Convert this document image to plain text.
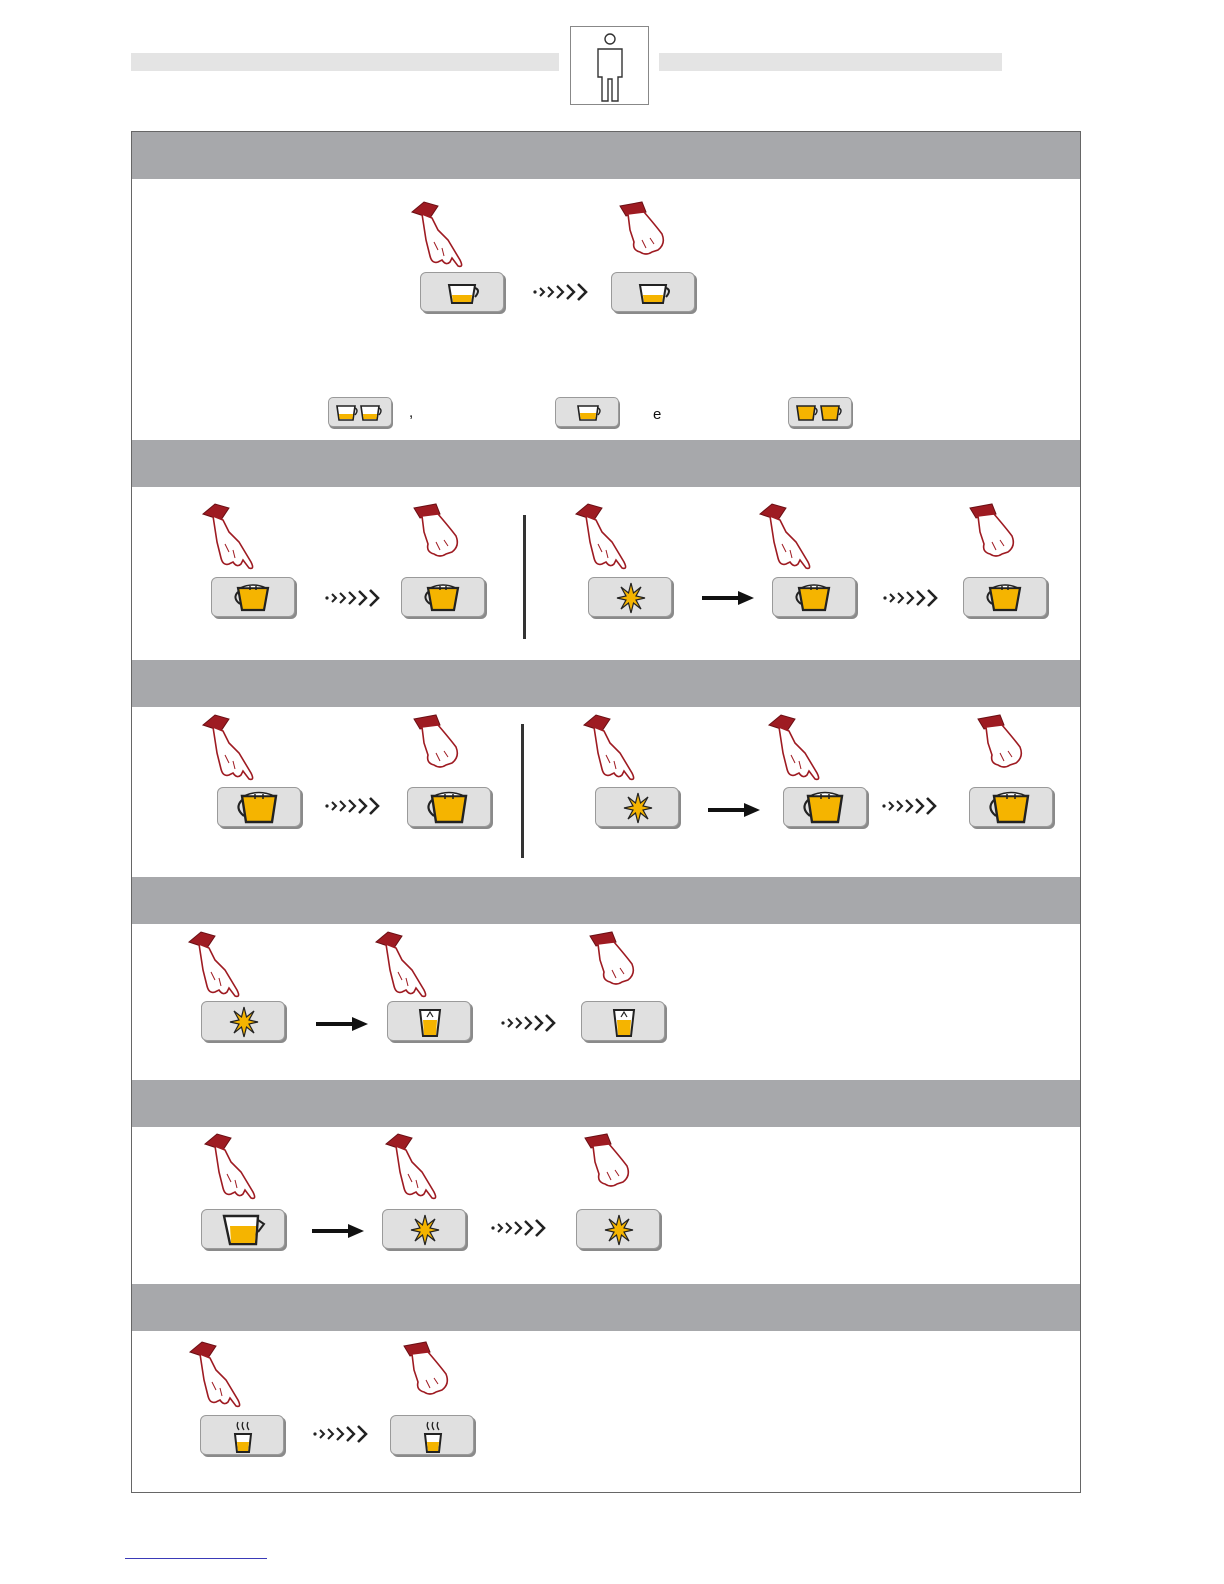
,	e
